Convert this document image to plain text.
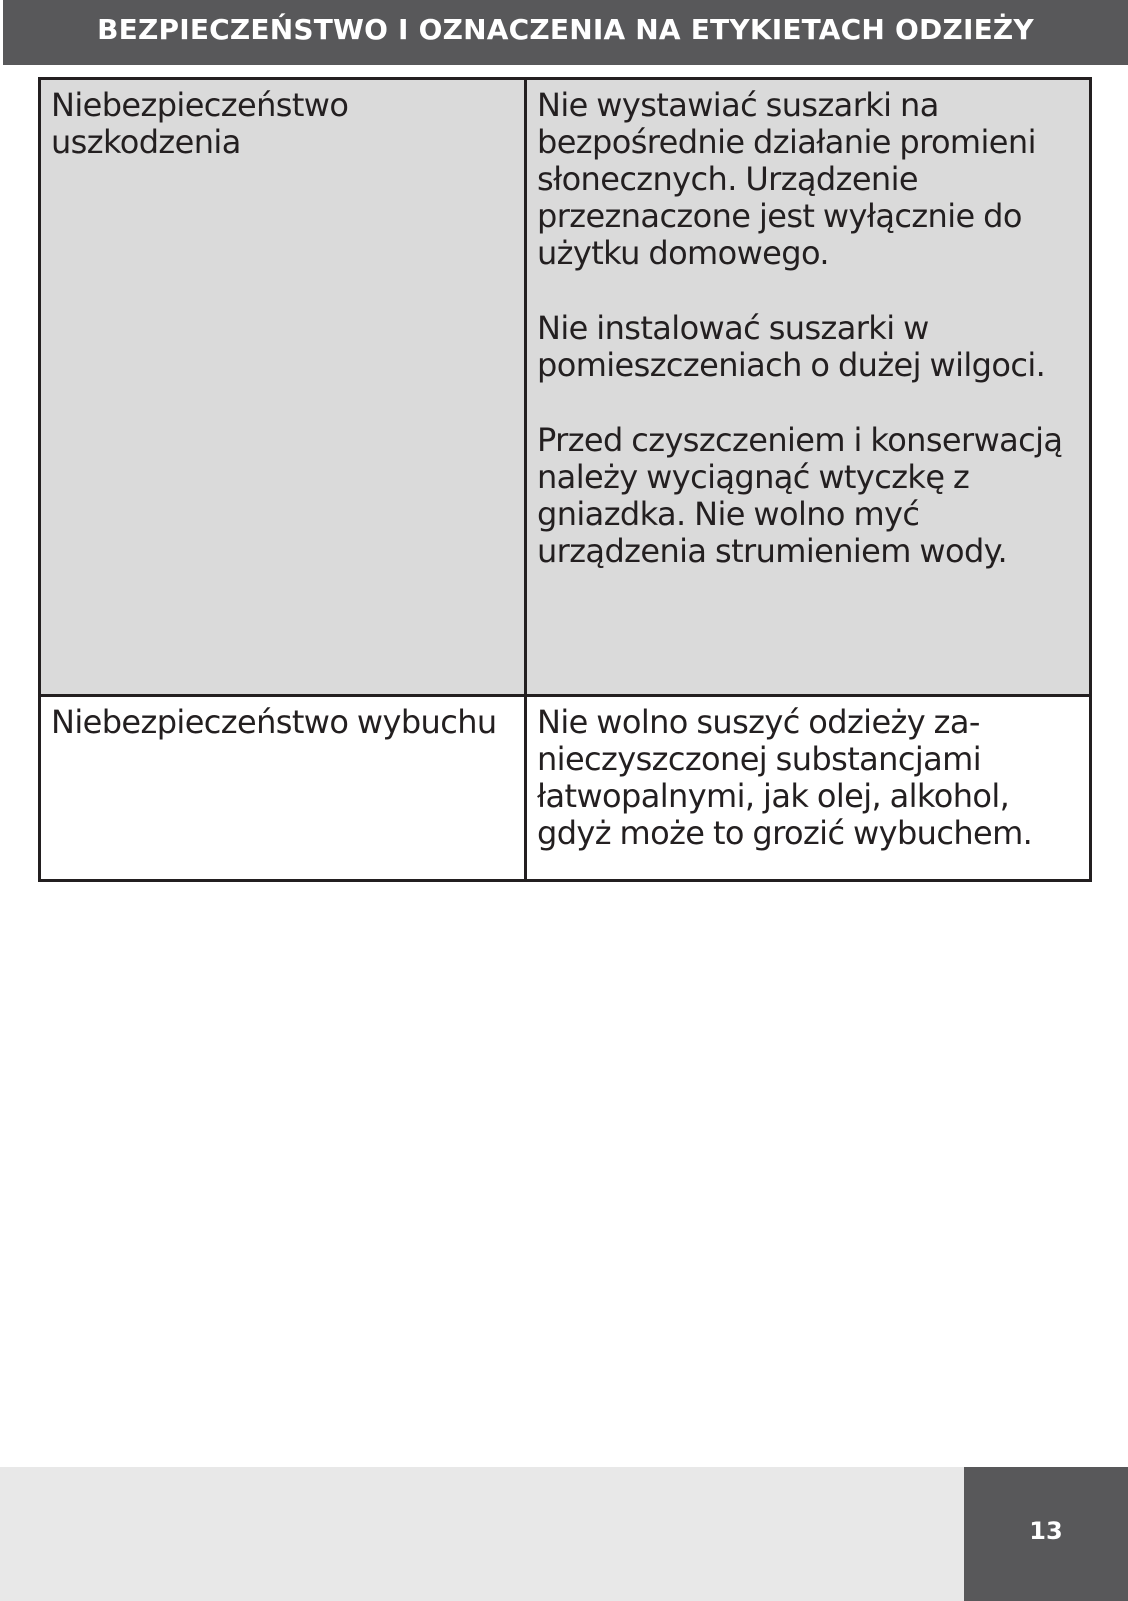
BEZPIECZEŃSTWO I OZNACZENIA NA ETYKIETACH ODZIEŻY
Niebezpieczeństwo uszkodzenia	Nie wystawiać suszarki na bezpośrednie działanie promieni słonecznych. Urządzenie przeznaczone jest wyłącznie do użytku domowego.

Nie instalować suszarki w pomieszczeniach o dużej wilgoci.

Przed czyszczeniem i konserwacją należy wyciągnąć wtyczkę z gniazdka. Nie wolno myć urządzenia strumieniem wody.

Niebezpieczeństwo wybuchu	Nie wolno suszyć odzieży za-nieczyszczonej substancjami łatwopalnymi, jak olej, alkohol, gdyż może to grozić wybuchem.

13
